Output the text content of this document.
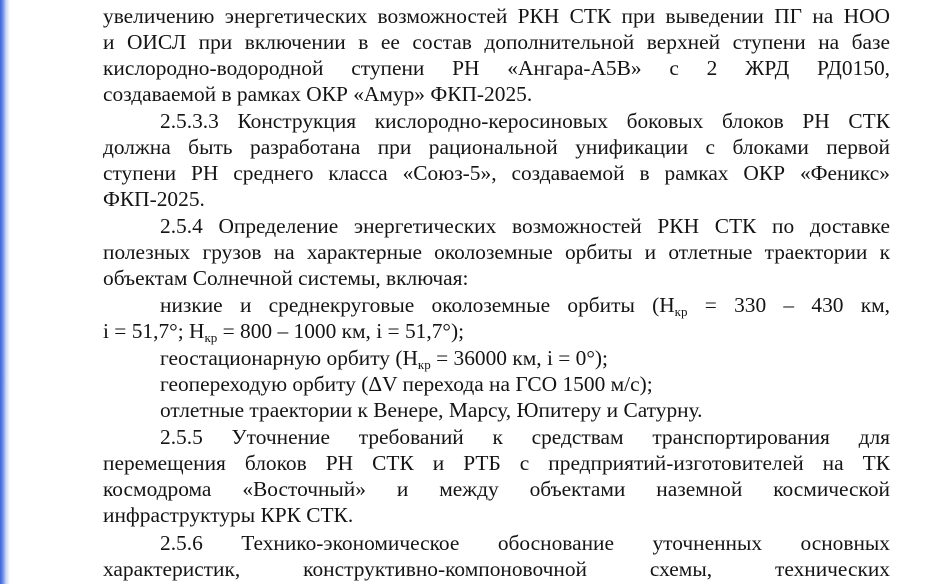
увеличению энергетических возможностей РКН СТК при выведении ПГ на НОО
и ОИСЛ при включении в ее состав дополнительной верхней ступени на базе
кислородно-водородной ступени РН «Ангара-А5В» с 2 ЖРД РД0150,
создаваемой в рамках ОКР «Амур» ФКП-2025.
2.5.3.3 Конструкция кислородно-керосиновых боковых блоков РН СТК
должна быть разработана при рациональной унификации с блоками первой
ступени РН среднего класса «Союз-5», создаваемой в рамках ОКР «Феникс»
ФКП-2025.
2.5.4 Определение энергетических возможностей РКН СТК по доставке
полезных грузов на характерные околоземные орбиты и отлетные траектории к
объектам Солнечной системы, включая:
низкие и среднекруговые околоземные орбиты ($Н_{кр} = 330 - 430$ км,
i = 51,7°; $Н_{кр} = 800 - 1000$ км, i = 51,7°);
геостационарную орбиту ($Н_{кр} = 36000$ км, i = 0°);
геопереходую орбиту (ΔV перехода на ГСО 1500 м/с);
отлетные траектории к Венере, Марсу, Юпитеру и Сатурну.
2.5.5 Уточнение требований к средствам транспортирования для
перемещения блоков РН СТК и РТБ с предприятий-изготовителей на ТК
космодрома «Восточный» и между объектами наземной космической
инфраструктуры КРК СТК.
2.5.6 Технико-экономическое обоснование уточненных основных
характеристик, конструктивно-компоновочной схемы, технических
